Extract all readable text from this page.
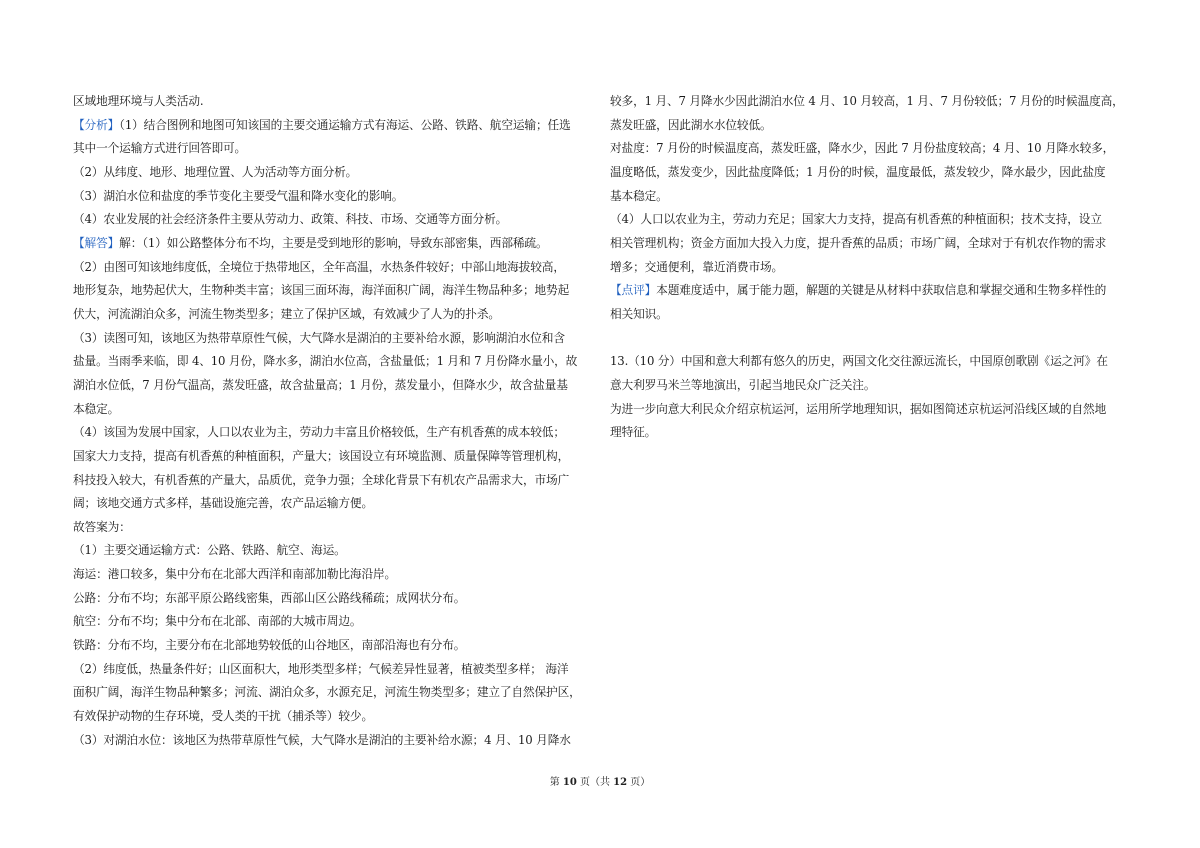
区域地理环境与人类活动.
【分析】（1）结合图例和地图可知该国的主要交通运输方式有海运、公路、铁路、航空运输；任选
其中一个运输方式进行回答即可。
（2）从纬度、地形、地理位置、人为活动等方面分析。
（3）湖泊水位和盐度的季节变化主要受气温和降水变化的影响。
（4）农业发展的社会经济条件主要从劳动力、政策、科技、市场、交通等方面分析。
【解答】解：（1）如公路整体分布不均，主要是受到地形的影响，导致东部密集，西部稀疏。
（2）由图可知该地纬度低，全境位于热带地区，全年高温，水热条件较好；中部山地海拔较高，
地形复杂，地势起伏大，生物种类丰富；该国三面环海，海洋面积广阔，海洋生物品种多；地势起
伏大，河流湖泊众多，河流生物类型多；建立了保护区域，有效减少了人为的扑杀。
（3）读图可知，该地区为热带草原性气候，大气降水是湖泊的主要补给水源，影响湖泊水位和含
盐量。当雨季来临，即 4、10 月份，降水多，湖泊水位高，含盐量低；1 月和 7 月份降水量小，故
湖泊水位低，7 月份气温高，蒸发旺盛，故含盐量高；1 月份，蒸发量小，但降水少，故含盐量基
本稳定。
（4）该国为发展中国家，人口以农业为主，劳动力丰富且价格较低，生产有机香蕉的成本较低；
国家大力支持，提高有机香蕉的种植面积，产量大；该国设立有环境监测、质量保障等管理机构，
科技投入较大，有机香蕉的产量大，品质优，竞争力强；全球化背景下有机农产品需求大，市场广
阔；该地交通方式多样，基础设施完善，农产品运输方便。
故答案为：
（1）主要交通运输方式：公路、铁路、航空、海运。
海运：港口较多，集中分布在北部大西洋和南部加勒比海沿岸。
公路：分布不均；东部平原公路线密集，西部山区公路线稀疏；成网状分布。
航空：分布不均；集中分布在北部、南部的大城市周边。
铁路：分布不均，主要分布在北部地势较低的山谷地区，南部沿海也有分布。
（2）纬度低，热量条件好；山区面积大，地形类型多样；气候差异性显著，植被类型多样； 海洋
面积广阔，海洋生物品种繁多；河流、湖泊众多，水源充足，河流生物类型多；建立了自然保护区，
有效保护动物的生存环境，受人类的干扰（捕杀等）较少。
（3）对湖泊水位：该地区为热带草原性气候，大气降水是湖泊的主要补给水源；4 月、10 月降水
较多，1 月、7 月降水少因此湖泊水位 4 月、10 月较高，1 月、7 月份较低；7 月份的时候温度高，
蒸发旺盛，因此湖水水位较低。
对盐度：7 月份的时候温度高，蒸发旺盛，降水少，因此 7 月份盐度较高；4 月、10 月降水较多，
温度略低，蒸发变少，因此盐度降低；1 月份的时候，温度最低，蒸发较少，降水最少，因此盐度
基本稳定。
（4）人口以农业为主，劳动力充足；国家大力支持，提高有机香蕉的种植面积；技术支持，设立
相关管理机构；资金方面加大投入力度，提升香蕉的品质；市场广阔，全球对于有机农作物的需求
增多；交通便利，靠近消费市场。
【点评】本题难度适中，属于能力题，解题的关键是从材料中获取信息和掌握交通和生物多样性的
相关知识。
13.（10 分）中国和意大利都有悠久的历史，两国文化交往源远流长，中国原创歌剧《运之河》在
意大利罗马米兰等地演出，引起当地民众广泛关注。
为进一步向意大利民众介绍京杭运河，运用所学地理知识，据如图简述京杭运河沿线区域的自然地
理特征。
第 10 页（共 12 页）
